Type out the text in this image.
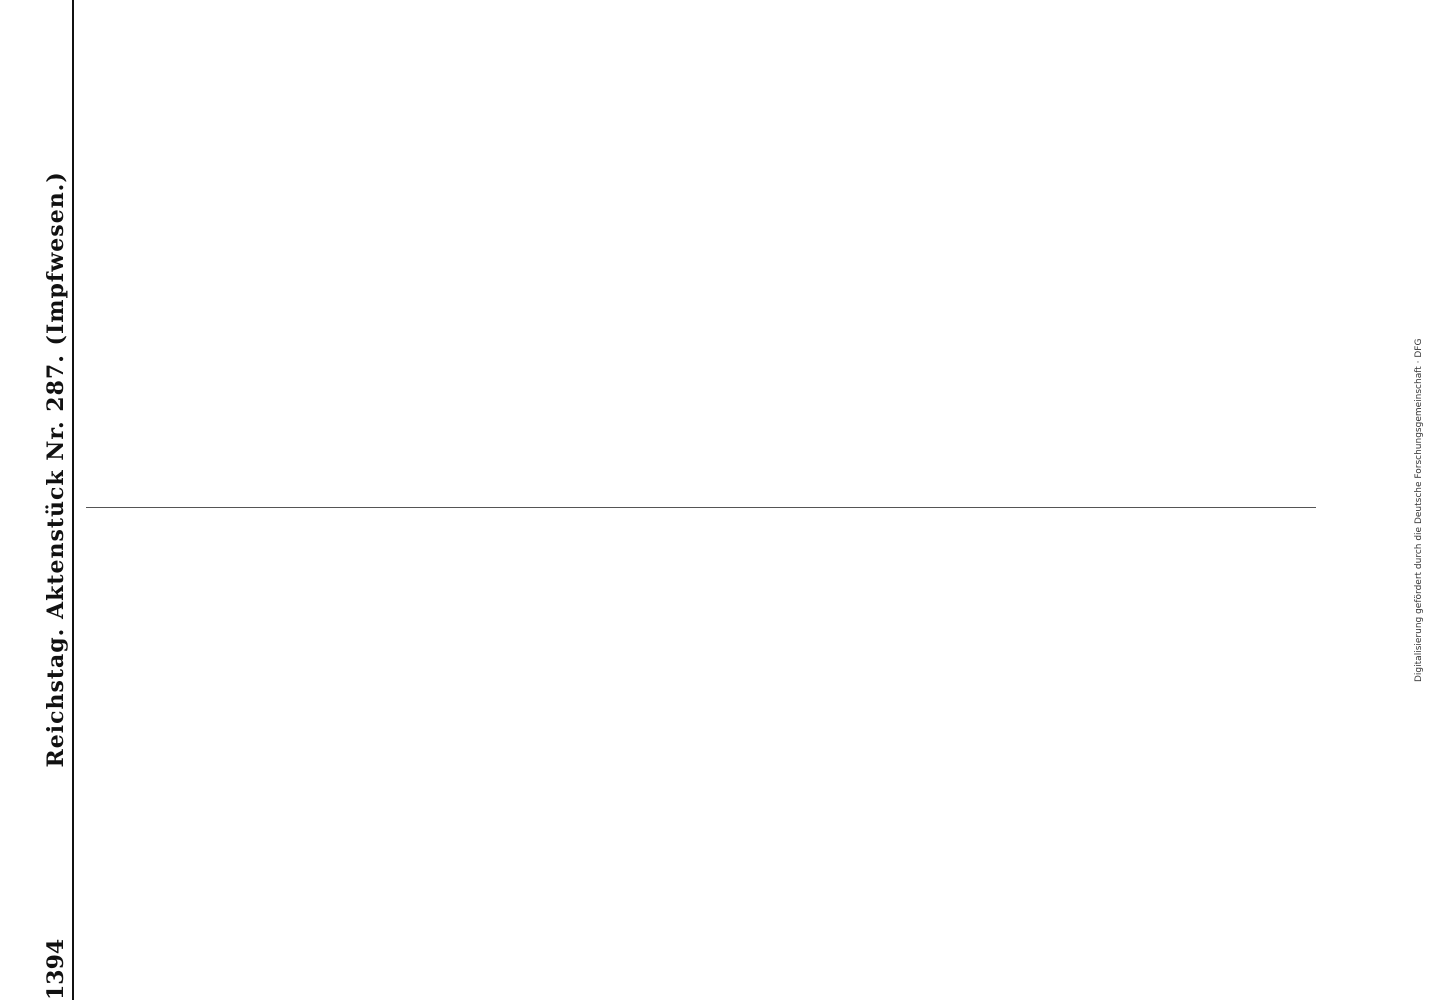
1394
Reichstag. Aktenstück Nr. 287. (Impfwesen.)	Digitalisierung gefördert durch die Deutsche Forschungsgemeinschaft · DFG
